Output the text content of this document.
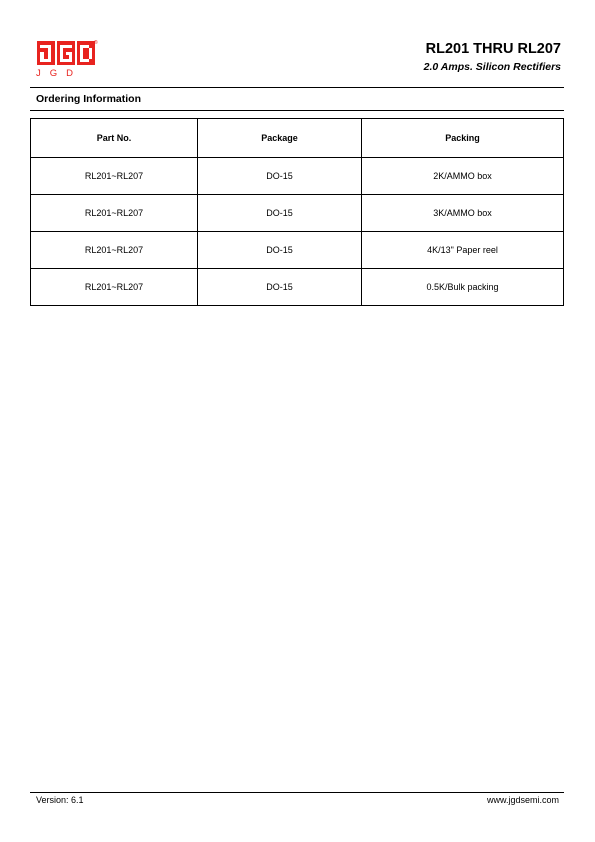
®
JGD
RL201 THRU RL207
2.0 Amps. Silicon Rectifiers
Ordering Information
Part No.	Package	Packing
RL201~RL207	DO-15	2K/AMMO box
RL201~RL207	DO-15	3K/AMMO box
RL201~RL207	DO-15	4K/13" Paper reel
RL201~RL207	DO-15	0.5K/Bulk packing
Version: 6.1	www.jgdsemi.com
